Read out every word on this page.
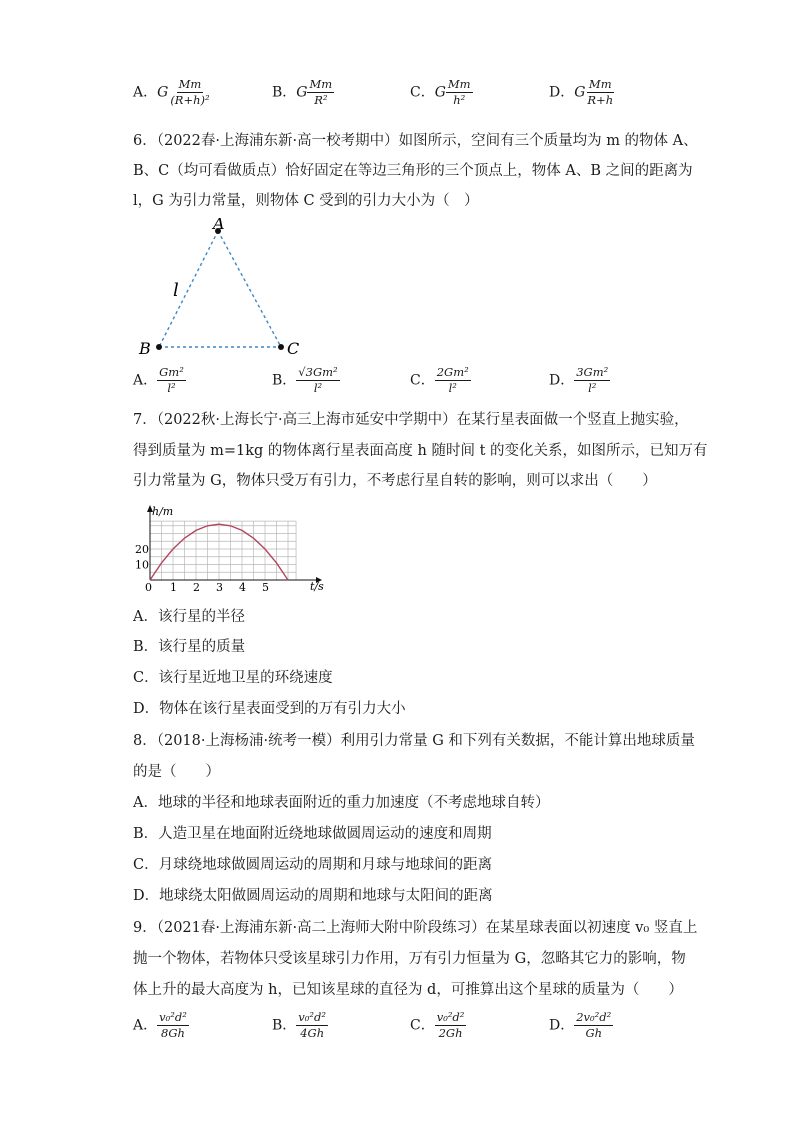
A．G $\frac{Mm}{\text{(R+h)²}}$	B．G $\frac{Mm}{\text{R²}}$	C．G $\frac{Mm}{\text{h²}}$	D．G $\frac{Mm}{R+h}$
6．（2022春·上海浦东新·高一校考期中）如图所示，空间有三个质量均为 m 的物体 A、
B、C（均可看做质点）恰好固定在等边三角形的三个顶点上，物体 A、B 之间的距离为
l，G 为引力常量，则物体 C 受到的引力大小为（　）
A
B	C
l
A． $\frac{\text{Gm²}}{\text{l²}}$	B． $\frac{\text{√3Gm²}}{\text{l²}}$	C． $\frac{\text{2Gm²}}{\text{l²}}$	D． $\frac{\text{3Gm²}}{\text{l²}}$
7．（2022秋·上海长宁·高三上海市延安中学期中）在某行星表面做一个竖直上抛实验，
得到质量为 m=1kg 的物体离行星表面高度 h 随时间 t 的变化关系，如图所示，已知万有
引力常量为 G，物体只受万有引力，不考虑行星自转的影响，则可以求出（　　）
0 1 2 3 4 5
10
20
h/m
t/s
A．该行星的半径
B．该行星的质量
C．该行星近地卫星的环绕速度
D．物体在该行星表面受到的万有引力大小
8．（2018·上海杨浦·统考一模）利用引力常量 G 和下列有关数据，不能计算出地球质量
的是（　　）
A．地球的半径和地球表面附近的重力加速度（不考虑地球自转）
B．人造卫星在地面附近绕地球做圆周运动的速度和周期
C．月球绕地球做圆周运动的周期和月球与地球间的距离
D．地球绕太阳做圆周运动的周期和地球与太阳间的距离
9．（2021春·上海浦东新·高二上海师大附中阶段练习）在某星球表面以初速度 v₀ 竖直上
抛一个物体，若物体只受该星球引力作用，万有引力恒量为 G，忽略其它力的影响，物
体上升的最大高度为 h，已知该星球的直径为 d，可推算出这个星球的质量为（　　）
A． $\frac{\text{v₀²d²}}{8Gh}$	B． $\frac{\text{v₀²d²}}{4Gh}$	C． $\frac{\text{v₀²d²}}{2Gh}$	D． $\frac{\text{2v₀²d²}}{Gh}$
